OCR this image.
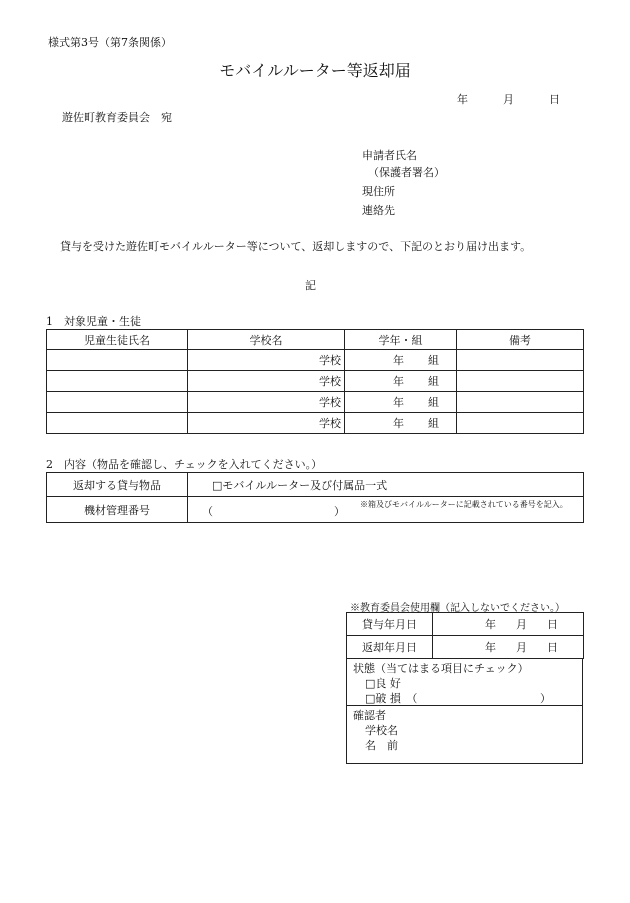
様式第3号（第7条関係）
モバイルルーター等返却届
年	月	日
遊佐町教育委員会　宛
申請者氏名
（保護者署名）
現住所
連絡先
貸与を受けた遊佐町モバイルルーター等について、返却しますので、下記のとおり届け出ます。
記
1　対象児童・生徒
児童生徒氏名	学校名	学年・組	備考
	学校	年 組	
	学校	年 組	
	学校	年 組	
	学校	年 組	
2　内容（物品を確認し、チェックを入れてください。）
返却する貸与物品	□モバイルルーター及び付属品一式
機材管理番号	（ ）
※箱及びモバイルルーターに記載されている番号を記入。
※教育委員会使用欄（記入しないでください。）
貸与年月日	年 月 日
返却年月日	年 月 日
状態（当てはまる項目にチェック）
□良 好
□破 損　（	）
確認者
学校名
名　前
